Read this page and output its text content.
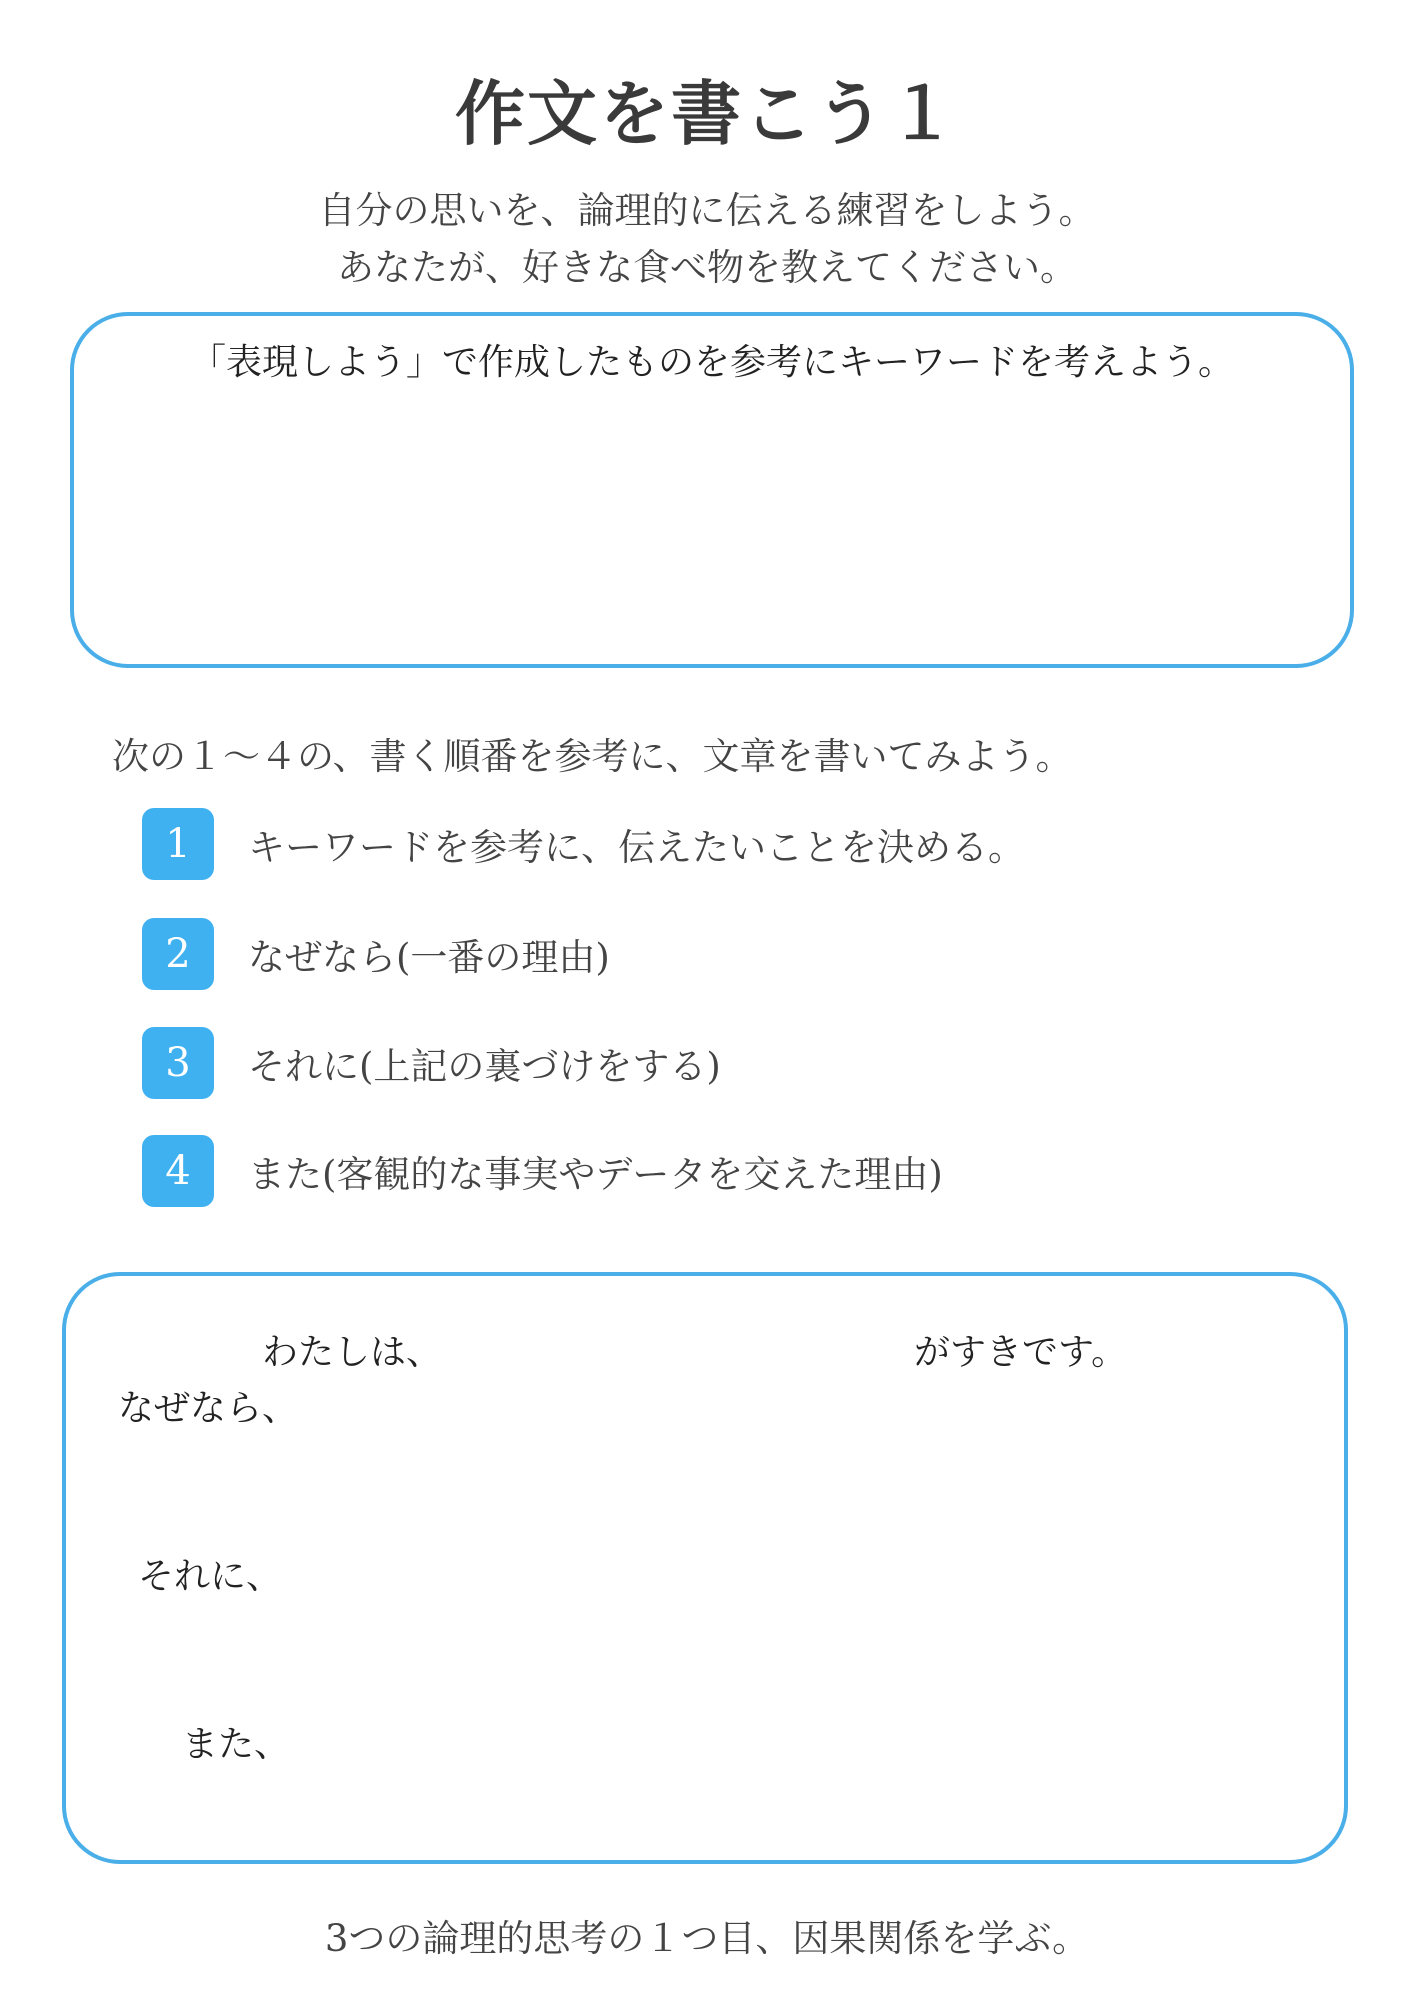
作文を書こう１
自分の思いを、論理的に伝える練習をしよう。
あなたが、好きな食べ物を教えてください。
「表現しよう」で作成したものを参考にキーワードを考えよう。
次の１～４の、書く順番を参考に、文章を書いてみよう。
1	キーワードを参考に、伝えたいことを決める。
2	なぜなら(一番の理由)
3	それに(上記の裏づけをする)
4	また(客観的な事実やデータを交えた理由)
わたしは、	がすきです。
なぜなら、
それに、
また、
3つの論理的思考の１つ目、因果関係を学ぶ。
